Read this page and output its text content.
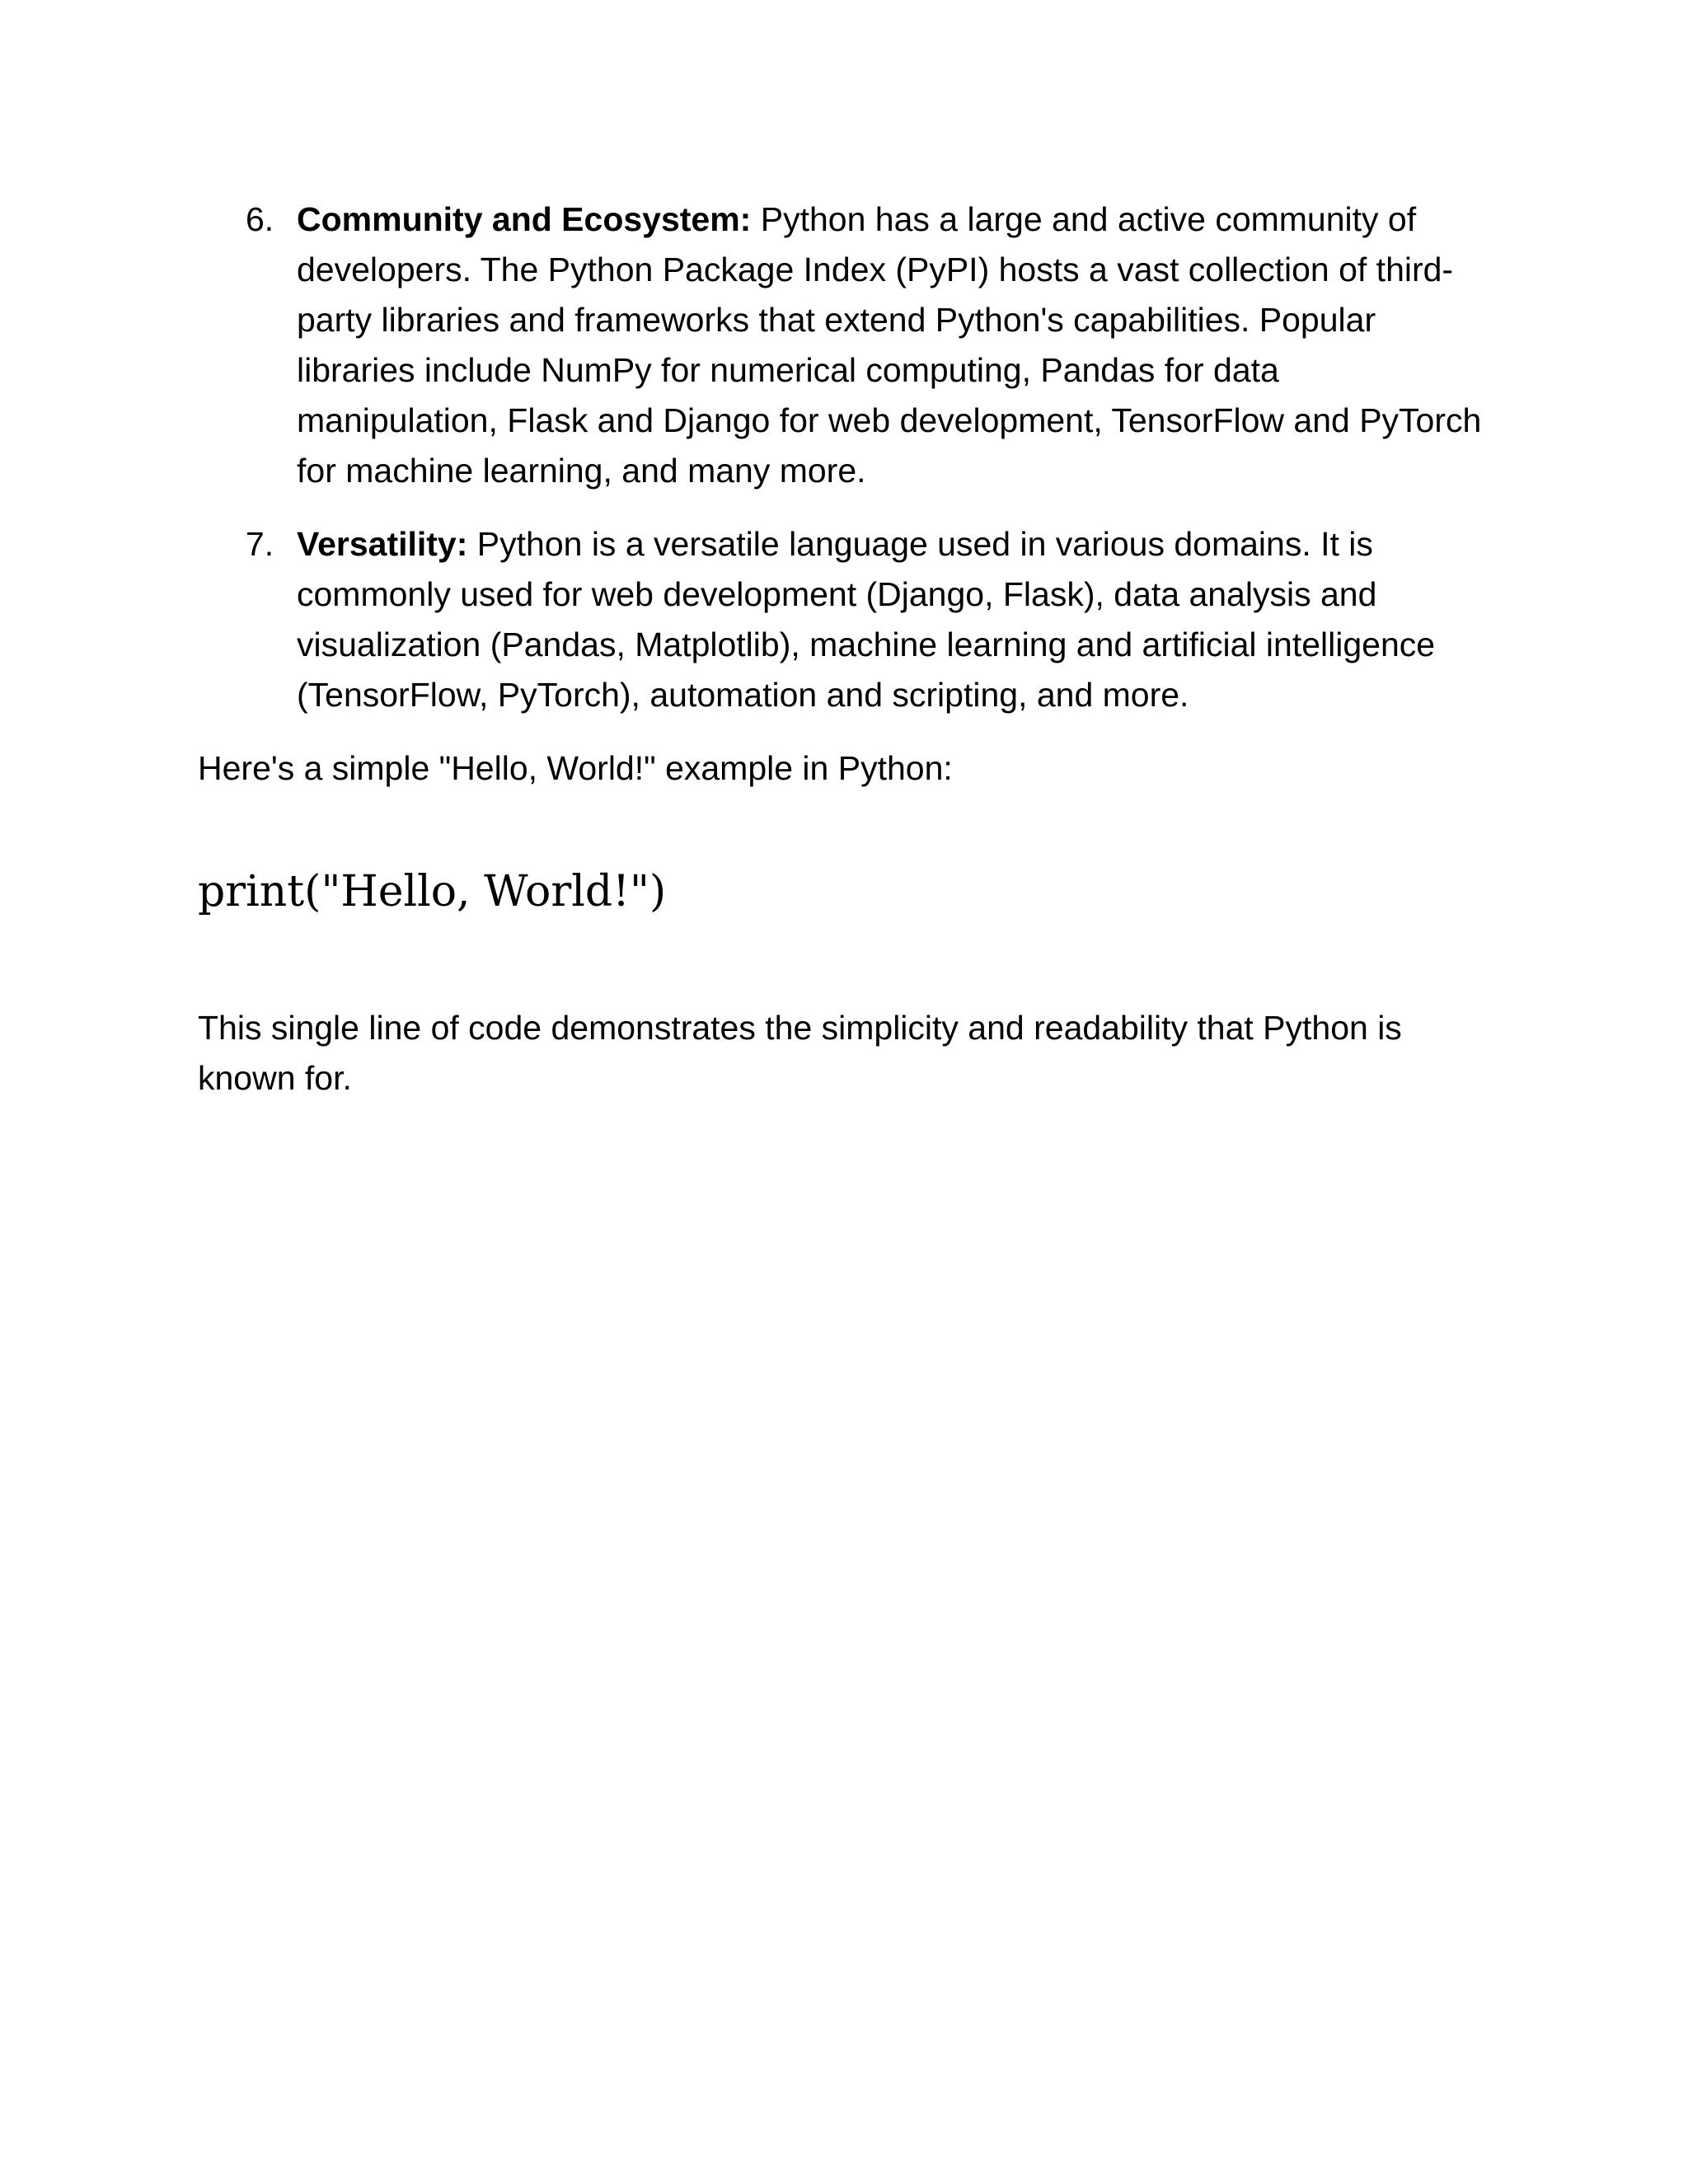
6. Community and Ecosystem: Python has a large and active community of developers. The Python Package Index (PyPI) hosts a vast collection of third-party libraries and frameworks that extend Python's capabilities. Popular libraries include NumPy for numerical computing, Pandas for data manipulation, Flask and Django for web development, TensorFlow and PyTorch for machine learning, and many more.
7. Versatility: Python is a versatile language used in various domains. It is commonly used for web development (Django, Flask), data analysis and visualization (Pandas, Matplotlib), machine learning and artificial intelligence (TensorFlow, PyTorch), automation and scripting, and more.

Here's a simple "Hello, World!" example in Python:

print("Hello, World!")

This single line of code demonstrates the simplicity and readability that Python is known for.
